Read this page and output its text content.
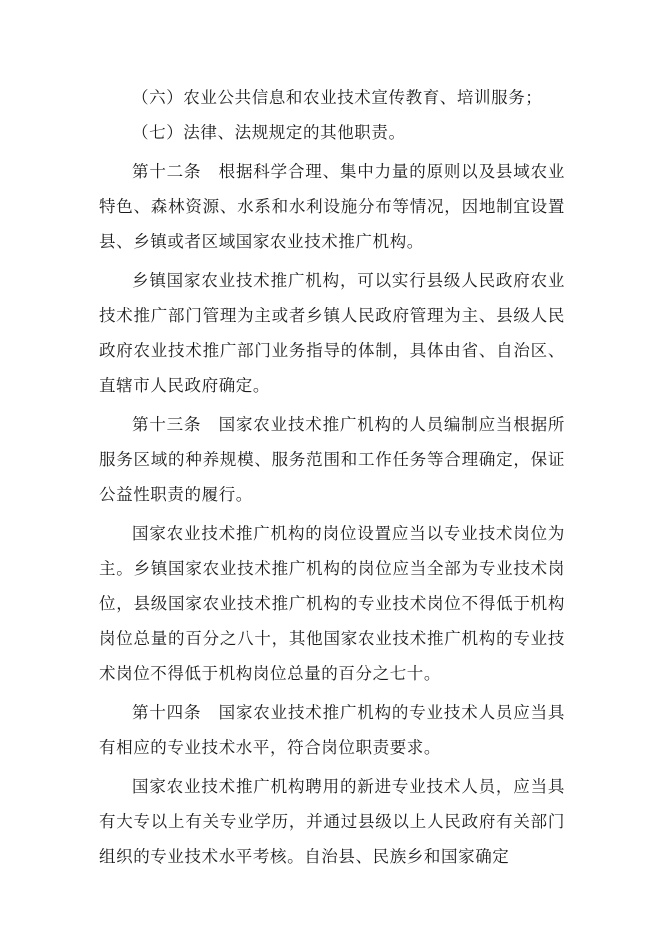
（六）农业公共信息和农业技术宣传教育、培训服务；

（七）法律、法规规定的其他职责。

第十二条　根据科学合理、集中力量的原则以及县域农业特色、森林资源、水系和水利设施分布等情况，因地制宜设置县、乡镇或者区域国家农业技术推广机构。

乡镇国家农业技术推广机构，可以实行县级人民政府农业技术推广部门管理为主或者乡镇人民政府管理为主、县级人民政府农业技术推广部门业务指导的体制，具体由省、自治区、直辖市人民政府确定。

第十三条　国家农业技术推广机构的人员编制应当根据所服务区域的种养规模、服务范围和工作任务等合理确定，保证公益性职责的履行。

国家农业技术推广机构的岗位设置应当以专业技术岗位为主。乡镇国家农业技术推广机构的岗位应当全部为专业技术岗位，县级国家农业技术推广机构的专业技术岗位不得低于机构岗位总量的百分之八十，其他国家农业技术推广机构的专业技术岗位不得低于机构岗位总量的百分之七十。

第十四条　国家农业技术推广机构的专业技术人员应当具有相应的专业技术水平，符合岗位职责要求。

国家农业技术推广机构聘用的新进专业技术人员，应当具有大专以上有关专业学历，并通过县级以上人民政府有关部门组织的专业技术水平考核。自治县、民族乡和国家确定
